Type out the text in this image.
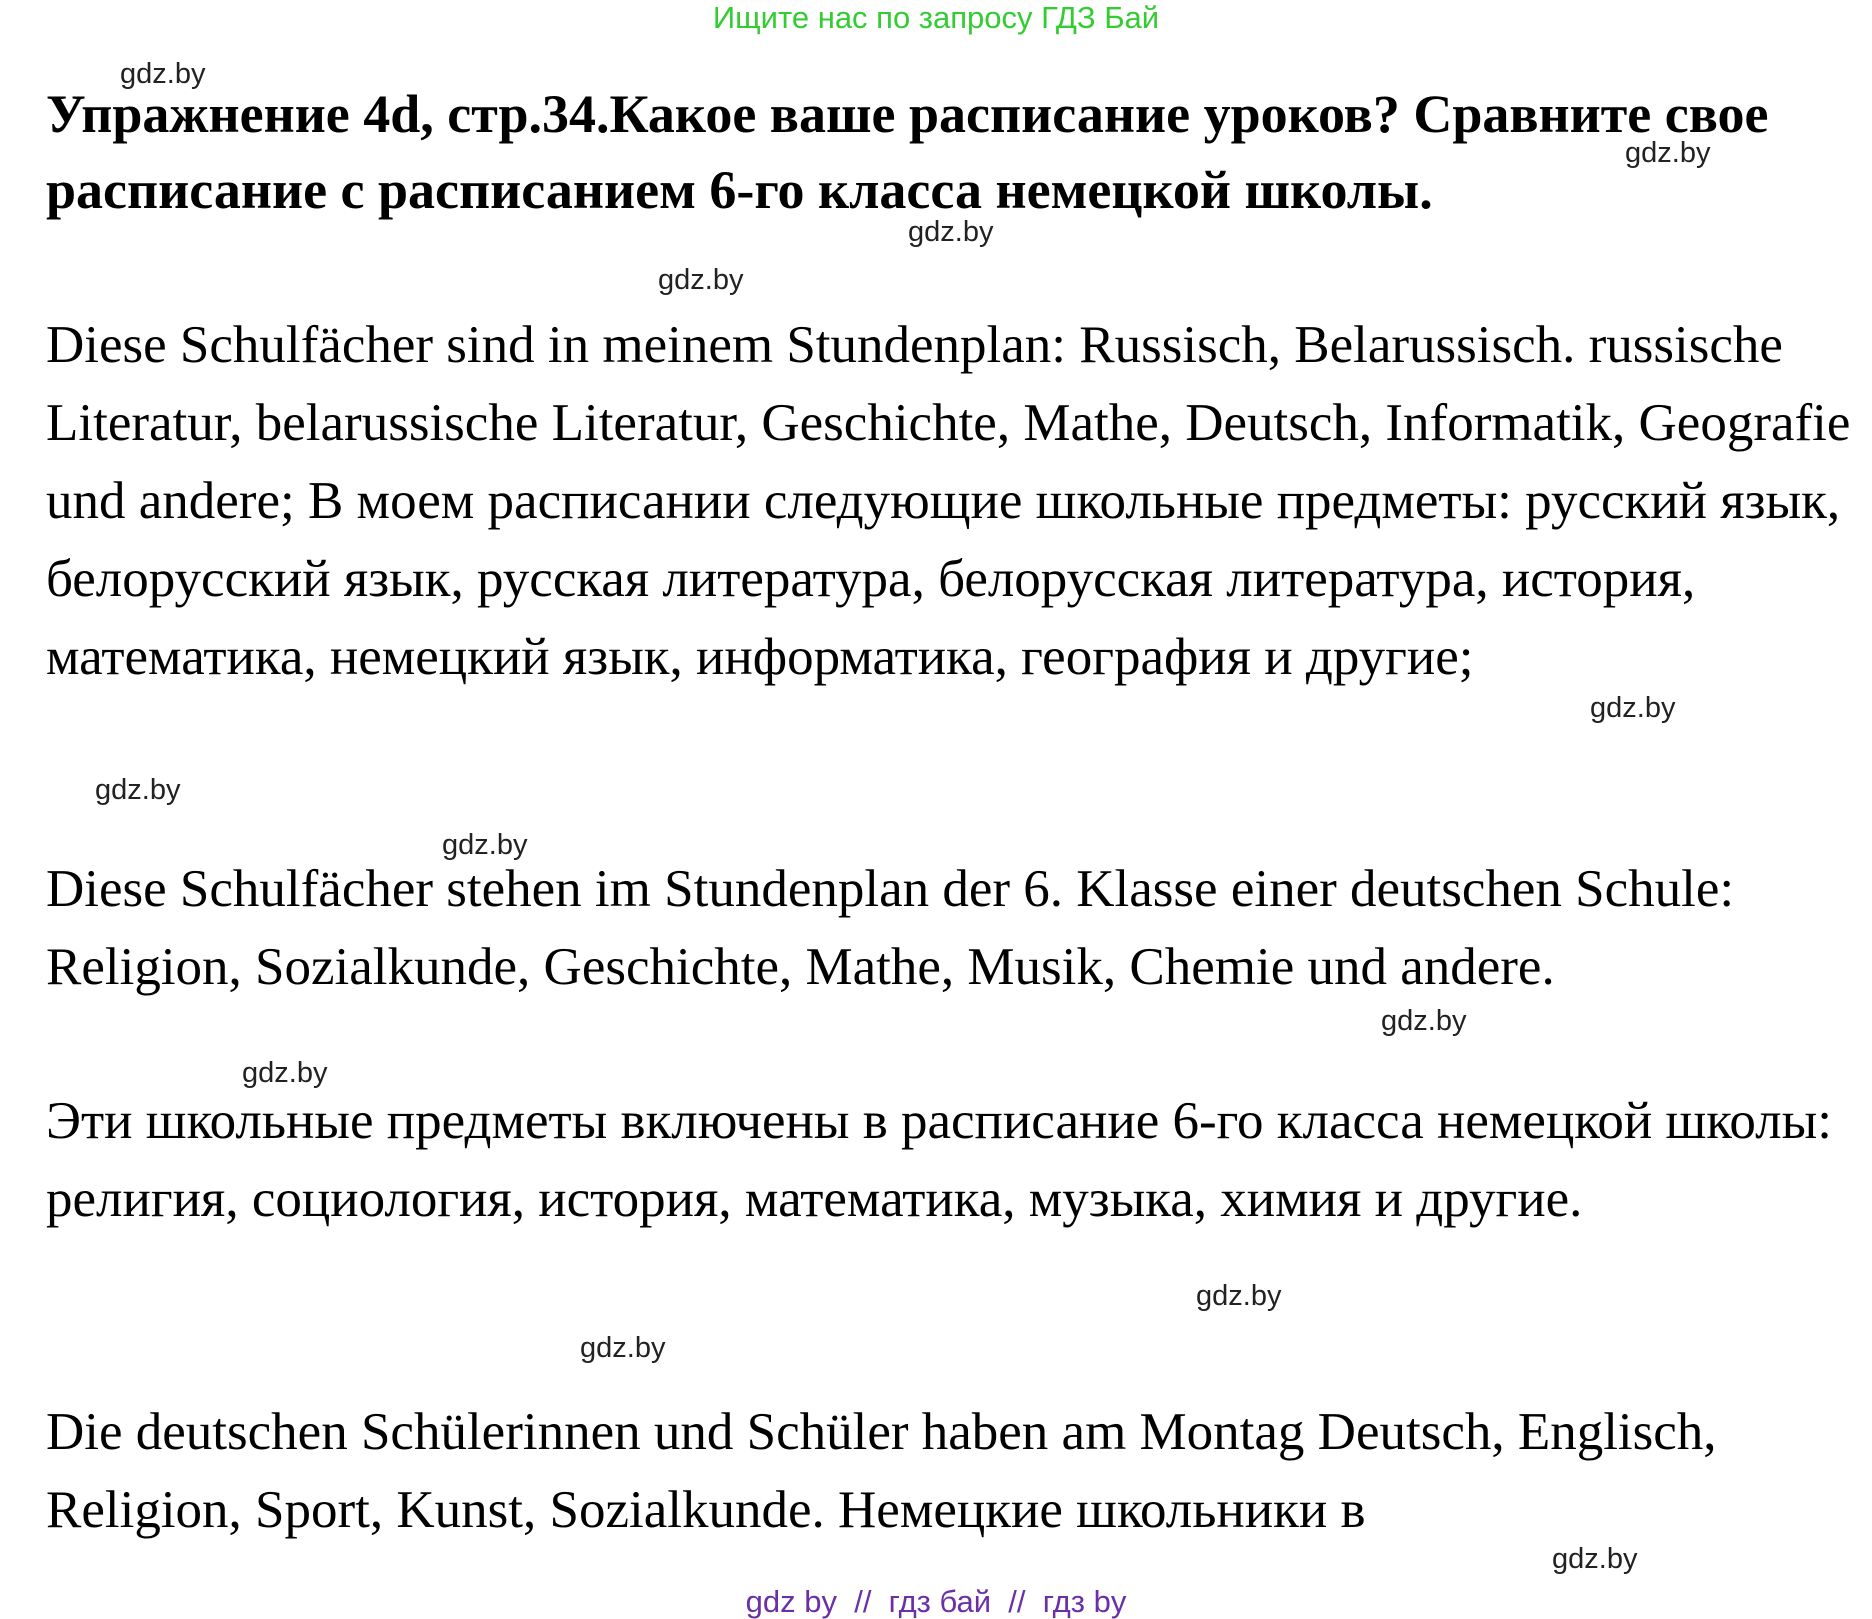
Ищите нас по запросу ГДЗ Бай
Упражнение 4d, стр.34.Какое ваше расписание уроков? Сравните свое расписание с расписанием 6-го класса немецкой школы.

Diese Schulfächer sind in meinem Stundenplan: Russisch, Belarussisch. russische Literatur, belarussische Literatur, Geschichte, Mathe, Deutsch, Informatik, Geografie und andere; В моем расписании следующие школьные предметы: русский язык, белорусский язык, русская литература, белорусская литература, история, математика, немецкий язык, информатика, география и другие;

Diese Schulfächer stehen im Stundenplan der 6. Klasse einer deutschen Schule: Religion, Sozialkunde, Geschichte, Mathe, Musik, Chemie und andere.

Эти школьные предметы включены в расписание 6-го класса немецкой школы: религия, социология, история, математика, музыка, химия и другие.

Die deutschen Schülerinnen und Schüler haben am Montag Deutsch, Englisch, Religion, Sport, Kunst, Sozialkunde. Немецкие школьники в

gdz.by
gdz.by
gdz.by
gdz.by
gdz.by
gdz.by
gdz.by
gdz.by
gdz.by
gdz.by
gdz.by
gdz.by
gdz by  //  гдз бай  //  гдз by
